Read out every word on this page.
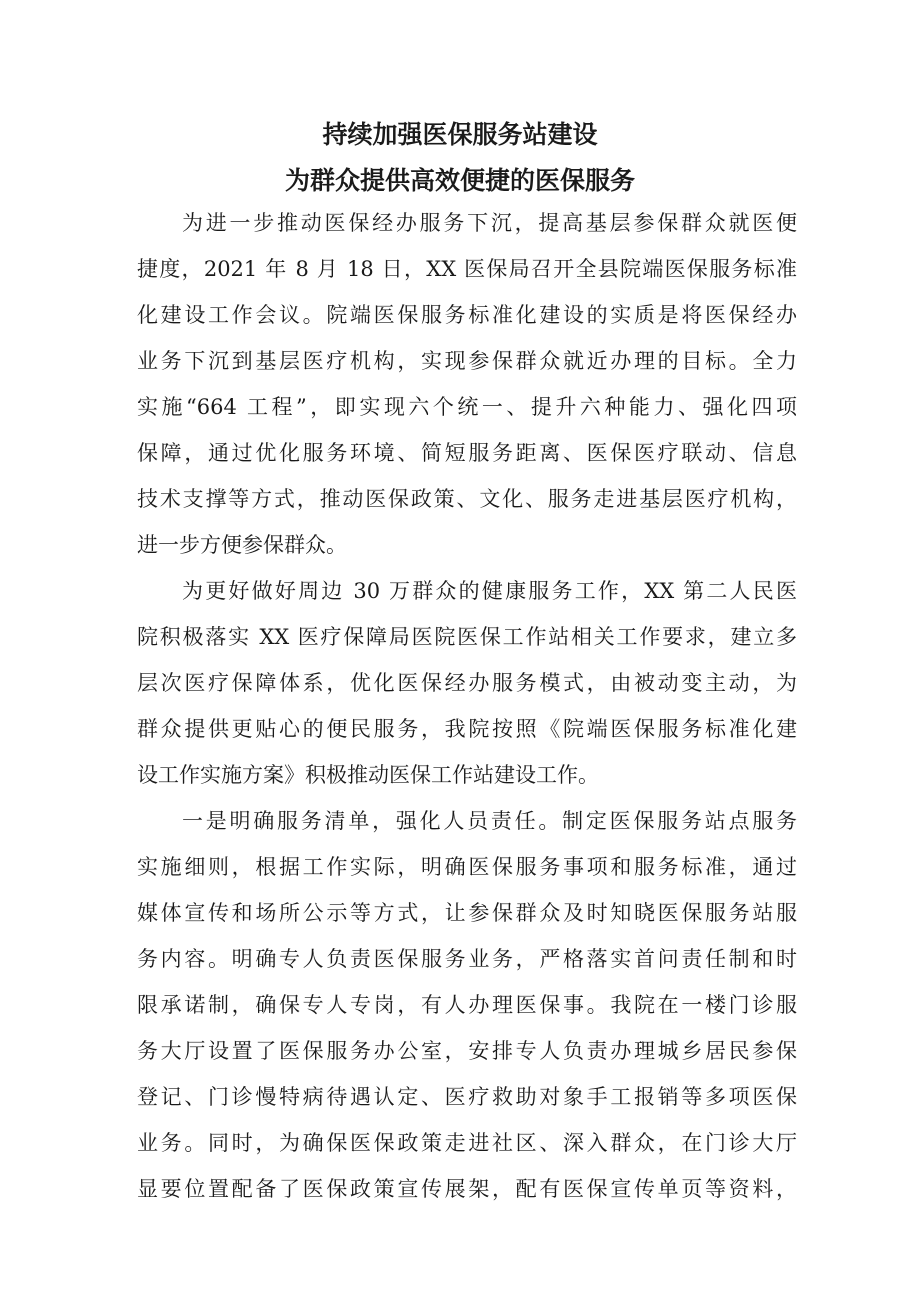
持续加强医保服务站建设
为群众提供高效便捷的医保服务
为进一步推动医保经办服务下沉，提高基层参保群众就医便
捷度，2021 年 8 月 18 日，XX 医保局召开全县院端医保服务标准
化建设工作会议。院端医保服务标准化建设的实质是将医保经办
业务下沉到基层医疗机构，实现参保群众就近办理的目标。全力
实施“664 工程”，即实现六个统一、提升六种能力、强化四项
保障，通过优化服务环境、简短服务距离、医保医疗联动、信息
技术支撑等方式，推动医保政策、文化、服务走进基层医疗机构，
进一步方便参保群众。
为更好做好周边 30 万群众的健康服务工作，XX 第二人民医
院积极落实 XX 医疗保障局医院医保工作站相关工作要求，建立多
层次医疗保障体系，优化医保经办服务模式，由被动变主动，为
群众提供更贴心的便民服务，我院按照《院端医保服务标准化建
设工作实施方案》积极推动医保工作站建设工作。
一是明确服务清单，强化人员责任。制定医保服务站点服务
实施细则，根据工作实际，明确医保服务事项和服务标准，通过
媒体宣传和场所公示等方式，让参保群众及时知晓医保服务站服
务内容。明确专人负责医保服务业务，严格落实首问责任制和时
限承诺制，确保专人专岗，有人办理医保事。我院在一楼门诊服
务大厅设置了医保服务办公室，安排专人负责办理城乡居民参保
登记、门诊慢特病待遇认定、医疗救助对象手工报销等多项医保
业务。同时，为确保医保政策走进社区、深入群众，在门诊大厅
显要位置配备了医保政策宣传展架，配有医保宣传单页等资料，
